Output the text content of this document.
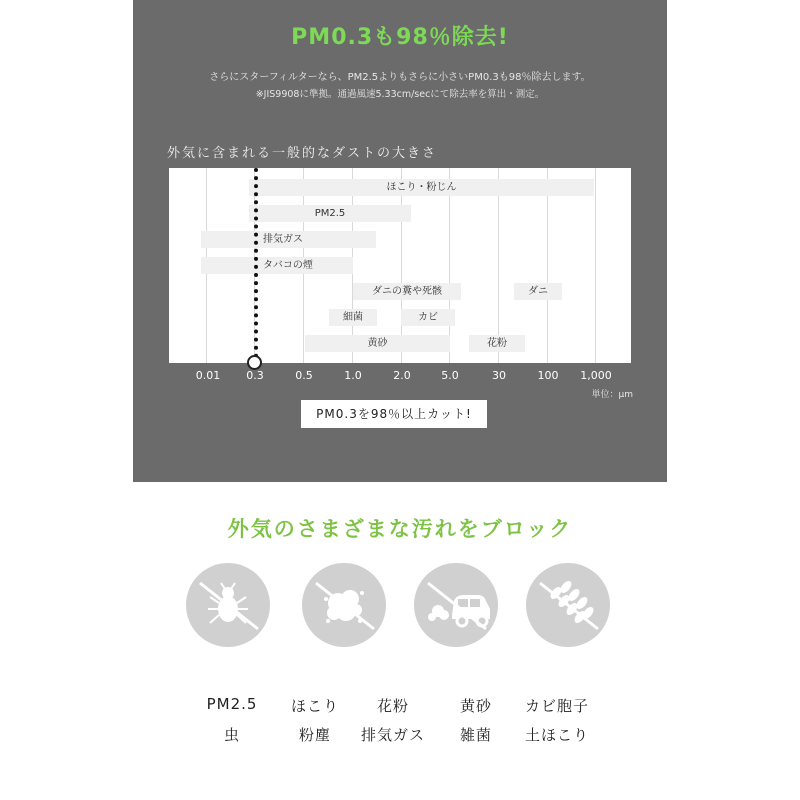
PM0.3も98％除去!
さらにスターフィルターなら、PM2.5よりもさらに小さいPM0.3も98％除去します。
※JIS9908に準拠。通過風速5.33cm/secにて除去率を算出・測定。
外気に含まれる一般的なダストの大きさ
ほこり・粉じん
PM2.5
排気ガス
タバコの煙
ダニの糞や死骸	ダニ
細菌	カビ
黄砂	花粉
0.01	0.3	0.5	1.0	2.0	5.0	30	100	1,000
単位：μm
PM0.3を98％以上カット!
外気のさまざまな汚れをブロック
PM2.5
虫
ほこり
粉塵
花粉
排気ガス
黄砂
雑菌
カビ胞子
土ほこり
